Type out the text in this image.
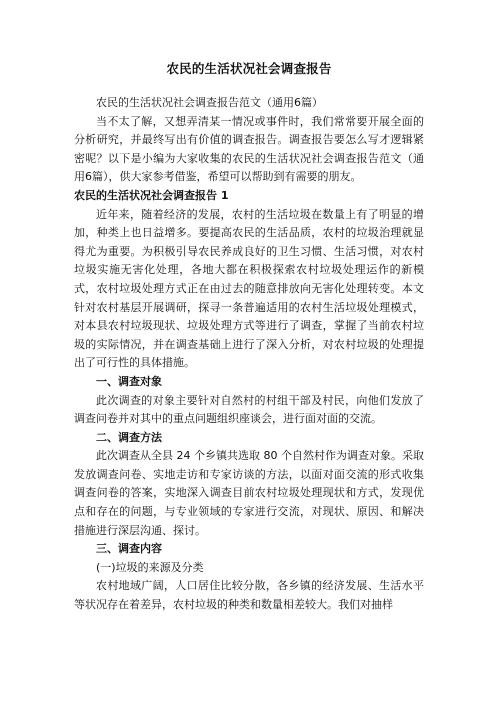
农民的生活状况社会调查报告

农民的生活状况社会调查报告范文（通用6篇）

当不太了解，又想弄清某一情况或事件时，我们常常要开展全面的分析研究，并最终写出有价值的调查报告。调查报告要怎么写才逻辑紧密呢？以下是小编为大家收集的农民的生活状况社会调查报告范文（通用6篇），供大家参考借鉴，希望可以帮助到有需要的朋友。

农民的生活状况社会调查报告 1

近年来，随着经济的发展，农村的生活垃圾在数量上有了明显的增加，种类上也日益增多。要提高农民的生活品质，农村的垃圾治理就显得尤为重要。为积极引导农民养成良好的卫生习惯、生活习惯，对农村垃圾实施无害化处理，各地大都在积极探索农村垃圾处理运作的新模式，农村垃圾处理方式正在由过去的随意排放向无害化处理转变。本文针对农村基层开展调研，探寻一条普遍适用的农村生活垃圾处理模式，对本县农村垃圾现状、垃圾处理方式等进行了调查，掌握了当前农村垃圾的实际情况，并在调查基础上进行了深入分析，对农村垃圾的处理提出了可行性的具体措施。

一、调查对象

此次调查的对象主要针对自然村的村组干部及村民，向他们发放了调查问卷并对其中的重点问题组织座谈会，进行面对面的交流。

二、调查方法

此次调查从全县 24 个乡镇共选取 80 个自然村作为调查对象。采取发放调查问卷、实地走访和专家访谈的方法，以面对面交流的形式收集调查问卷的答案，实地深入调查目前农村垃圾处理现状和方式，发现优点和存在的问题，与专业领域的专家进行交流，对现状、原因、和解决措施进行深层沟通、探讨。

三、调查内容

(一)垃圾的来源及分类

农村地域广阔，人口居住比较分散，各乡镇的经济发展、生活水平等状况存在着差异，农村垃圾的种类和数量相差较大。我们对抽样
